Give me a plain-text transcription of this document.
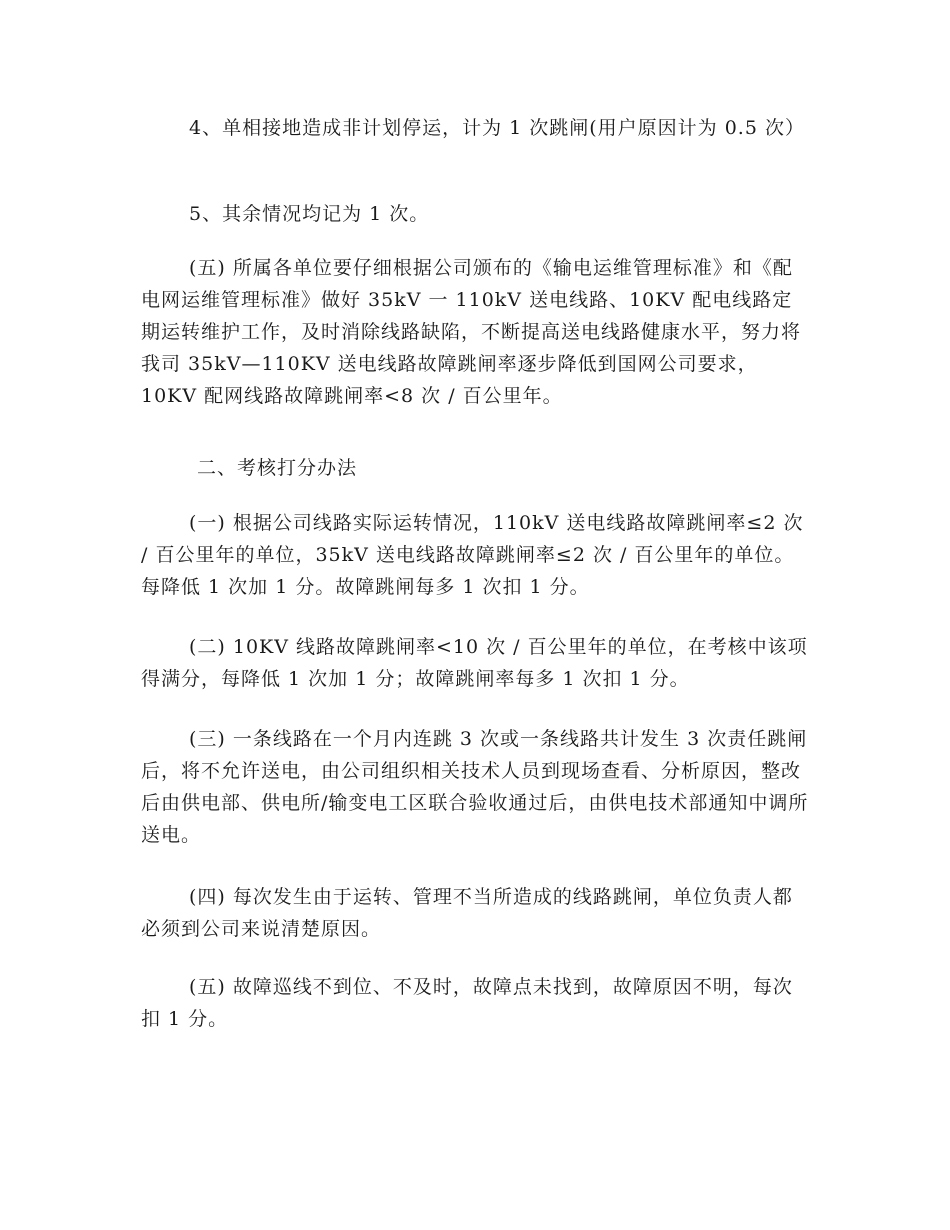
4、单相接地造成非计划停运，计为 1 次跳闸(用户原因计为 0.5 次）

5、其余情况均记为 1 次。

(五) 所属各单位要仔细根据公司颁布的《输电运维管理标准》和《配电网运维管理标准》做好 35kV 一 110kV 送电线路、10KV 配电线路定期运转维护工作，及时消除线路缺陷，不断提高送电线路健康水平，努力将我司 35kV—110KV 送电线路故障跳闸率逐步降低到国网公司要求，10KV 配网线路故障跳闸率<8 次 / 百公里年。

二、考核打分办法

(一) 根据公司线路实际运转情况，110kV 送电线路故障跳闸率≤2 次 / 百公里年的单位，35kV 送电线路故障跳闸率≤2 次 / 百公里年的单位。每降低 1 次加 1 分。故障跳闸每多 1 次扣 1 分。

(二) 10KV 线路故障跳闸率<10 次 / 百公里年的单位，在考核中该项得满分，每降低 1 次加 1 分；故障跳闸率每多 1 次扣 1 分。

(三) 一条线路在一个月内连跳 3 次或一条线路共计发生 3 次责任跳闸后，将不允许送电，由公司组织相关技术人员到现场查看、分析原因，整改后由供电部、供电所/输变电工区联合验收通过后，由供电技术部通知中调所送电。

(四) 每次发生由于运转、管理不当所造成的线路跳闸，单位负责人都必须到公司来说清楚原因。

(五) 故障巡线不到位、不及时，故障点未找到，故障原因不明，每次扣 1 分。
